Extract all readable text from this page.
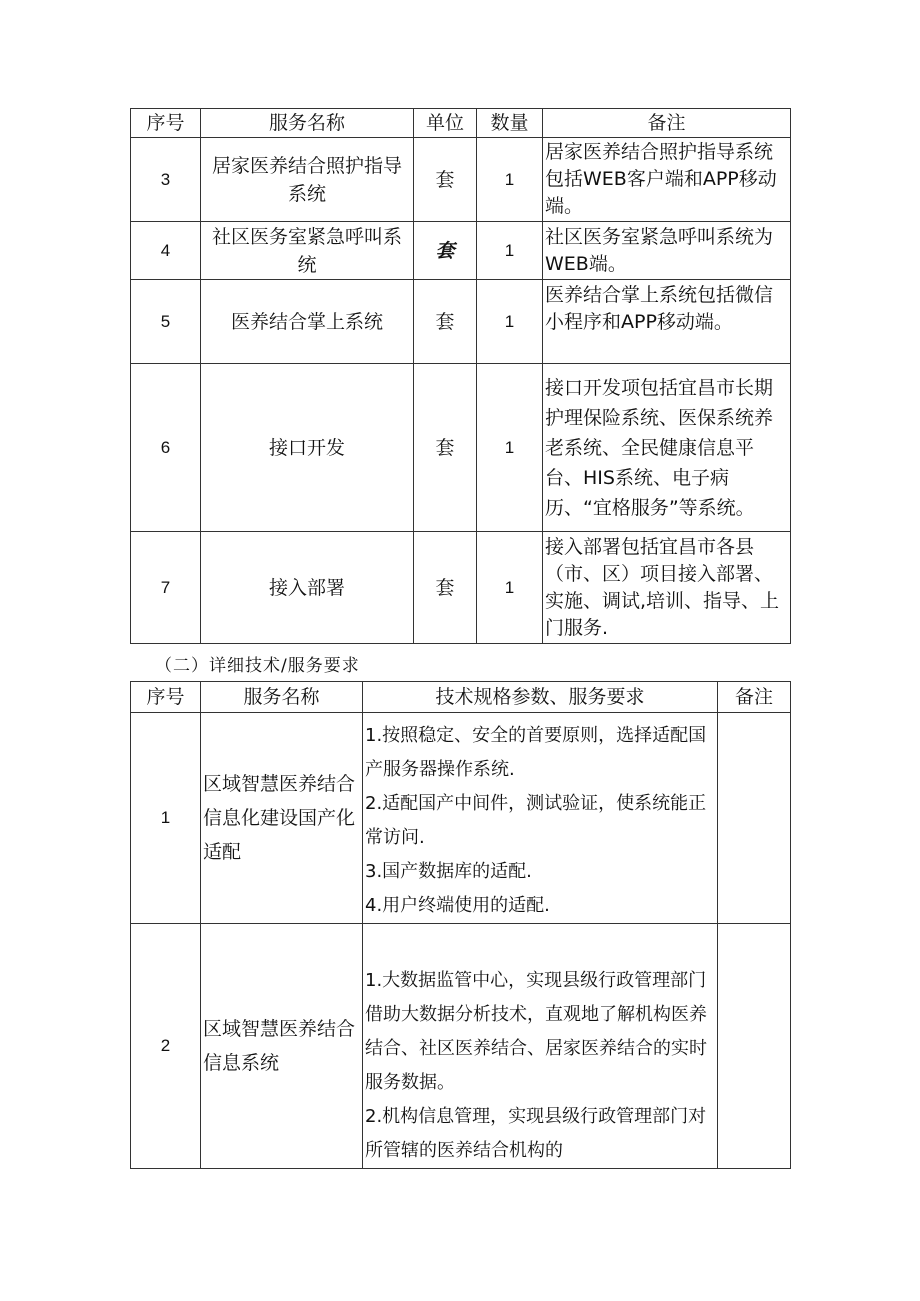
序号	服务名称	单位	数量	备注
3	居家医养结合照护指导系统	套	1	居家医养结合照护指导系统包括WEB客户端和APP移动端。
4	社区医务室紧急呼叫系统	套	1	社区医务室紧急呼叫系统为WEB端。
5	医养结合掌上系统	套	1	医养结合掌上系统包括微信小程序和APP移动端。
6	接口开发	套	1	接口开发项包括宜昌市长期护理保险系统、医保系统养老系统、全民健康信息平台、HIS系统、电子病历、“宜格服务”等系统。
7	接入部署	套	1	接入部署包括宜昌市各县（市、区）项目接入部署、实施、调试,培训、指导、上门服务.
（二）详细技术/服务要求
序号	服务名称	技术规格参数、服务要求	备注
1	区域智慧医养结合信息化建设国产化适配	1.按照稳定、安全的首要原则，选择适配国产服务器操作系统.
2.适配国产中间件，测试验证，使系统能正常访问.
3.国产数据库的适配.
4.用户终端使用的适配.	

2	区域智慧医养结合信息系统	1.大数据监管中心，实现县级行政管理部门借助大数据分析技术，直观地了解机构医养结合、社区医养结合、居家医养结合的实时服务数据。
2.机构信息管理，实现县级行政管理部门对所管辖的医养结合机构的	
